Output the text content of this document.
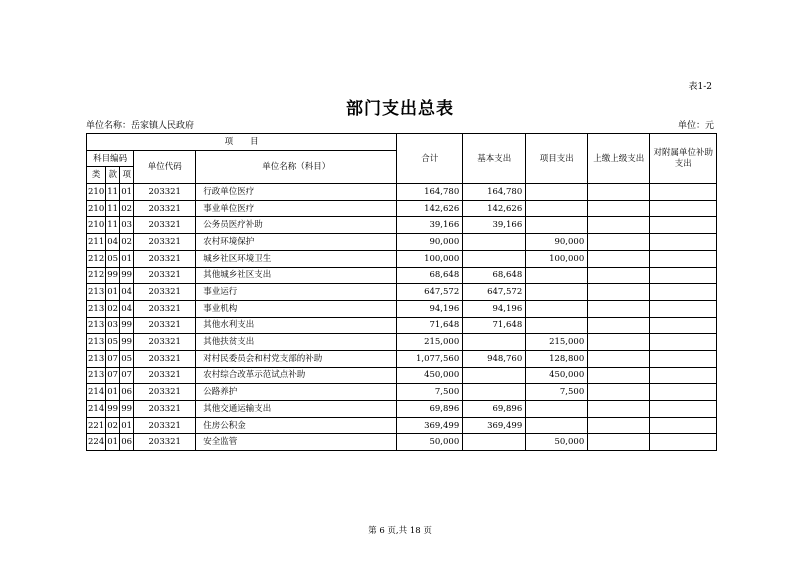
表1-2
部门支出总表
单位名称：岳家镇人民政府	单位：元
项　　目					合计	基本支出	项目支出	上缴上级支出	对附属单位补助支出
科目编码			单位代码	单位名称（科目）					
类	款	项							
210	11	01	203321	行政单位医疗	164,780	164,780			
210	11	02	203321	事业单位医疗	142,626	142,626			
210	11	03	203321	公务员医疗补助	39,166	39,166			
211	04	02	203321	农村环境保护	90,000		90,000		
212	05	01	203321	城乡社区环境卫生	100,000		100,000		
212	99	99	203321	其他城乡社区支出	68,648	68,648			
213	01	04	203321	事业运行	647,572	647,572			
213	02	04	203321	事业机构	94,196	94,196			
213	03	99	203321	其他水利支出	71,648	71,648			
213	05	99	203321	其他扶贫支出	215,000		215,000		
213	07	05	203321	对村民委员会和村党支部的补助	1,077,560	948,760	128,800		
213	07	07	203321	农村综合改革示范试点补助	450,000		450,000		
214	01	06	203321	公路养护	7,500		7,500		
214	99	99	203321	其他交通运输支出	69,896	69,896			
221	02	01	203321	住房公积金	369,499	369,499			
224	01	06	203321	安全监管	50,000		50,000		
第 6 页,共 18 页
